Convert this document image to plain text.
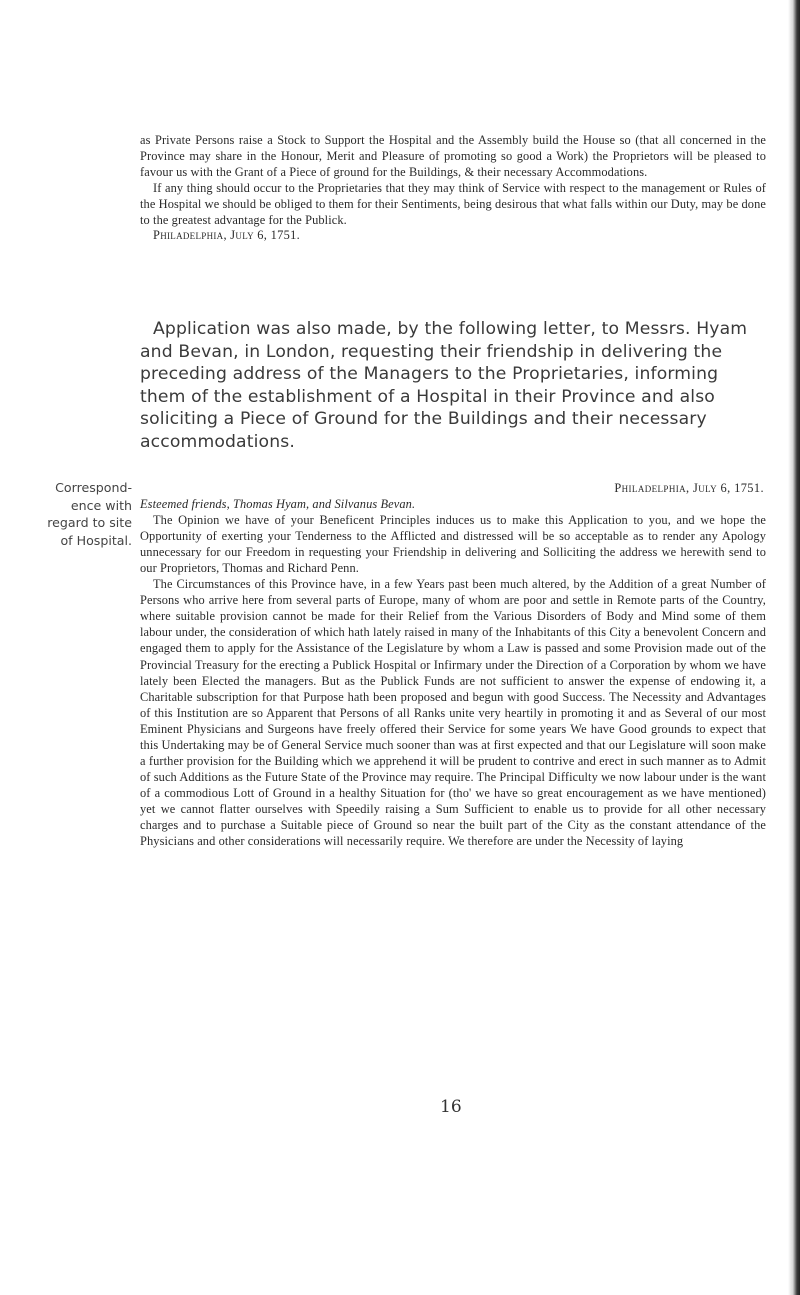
as Private Persons raise a Stock to Support the Hospital and the Assembly build the House so (that all concerned in the Province may share in the Honour, Merit and Pleasure of promoting so good a Work) the Proprietors will be pleased to favour us with the Grant of a Piece of ground for the Buildings, & their necessary Accommodations.

If any thing should occur to the Proprietaries that they may think of Service with respect to the management or Rules of the Hospital we should be obliged to them for their Sentiments, being desirous that what falls within our Duty, may be done to the greatest advantage for the Publick.

Philadelphia, July 6, 1751.

Application was also made, by the following letter, to Messrs. Hyam and Bevan, in London, requesting their friendship in delivering the preceding address of the Managers to the Proprietaries, informing them of the establishment of a Hospital in their Province and also soliciting a Piece of Ground for the Buildings and their necessary accommodations.
Correspond-
ence with
regard to site
of Hospital.

Philadelphia, July 6, 1751.

Esteemed friends, Thomas Hyam, and Silvanus Bevan.

The Opinion we have of your Beneficent Principles induces us to make this Application to you, and we hope the Opportunity of exerting your Tenderness to the Afflicted and distressed will be so acceptable as to render any Apology unnecessary for our Freedom in requesting your Friendship in delivering and Solliciting the address we herewith send to our Proprietors, Thomas and Richard Penn.

The Circumstances of this Province have, in a few Years past been much altered, by the Addition of a great Number of Persons who arrive here from several parts of Europe, many of whom are poor and settle in Remote parts of the Country, where suitable provision cannot be made for their Relief from the Various Disorders of Body and Mind some of them labour under, the consideration of which hath lately raised in many of the Inhabitants of this City a benevolent Concern and engaged them to apply for the Assistance of the Legislature by whom a Law is passed and some Provision made out of the Provincial Treasury for the erecting a Publick Hospital or Infirmary under the Direction of a Corporation by whom we have lately been Elected the managers. But as the Publick Funds are not sufficient to answer the expense of endowing it, a Charitable subscription for that Purpose hath been proposed and begun with good Success. The Necessity and Advantages of this Institution are so Apparent that Persons of all Ranks unite very heartily in promoting it and as Several of our most Eminent Physicians and Surgeons have freely offered their Service for some years We have Good grounds to expect that this Undertaking may be of General Service much sooner than was at first expected and that our Legislature will soon make a further provision for the Building which we apprehend it will be prudent to contrive and erect in such manner as to Admit of such Additions as the Future State of the Province may require. The Principal Difficulty we now labour under is the want of a commodious Lott of Ground in a healthy Situation for (tho' we have so great encouragement as we have mentioned) yet we cannot flatter ourselves with Speedily raising a Sum Sufficient to enable us to provide for all other necessary charges and to purchase a Suitable piece of Ground so near the built part of the City as the constant attendance of the Physicians and other considerations will necessarily require. We therefore are under the Necessity of laying

16
